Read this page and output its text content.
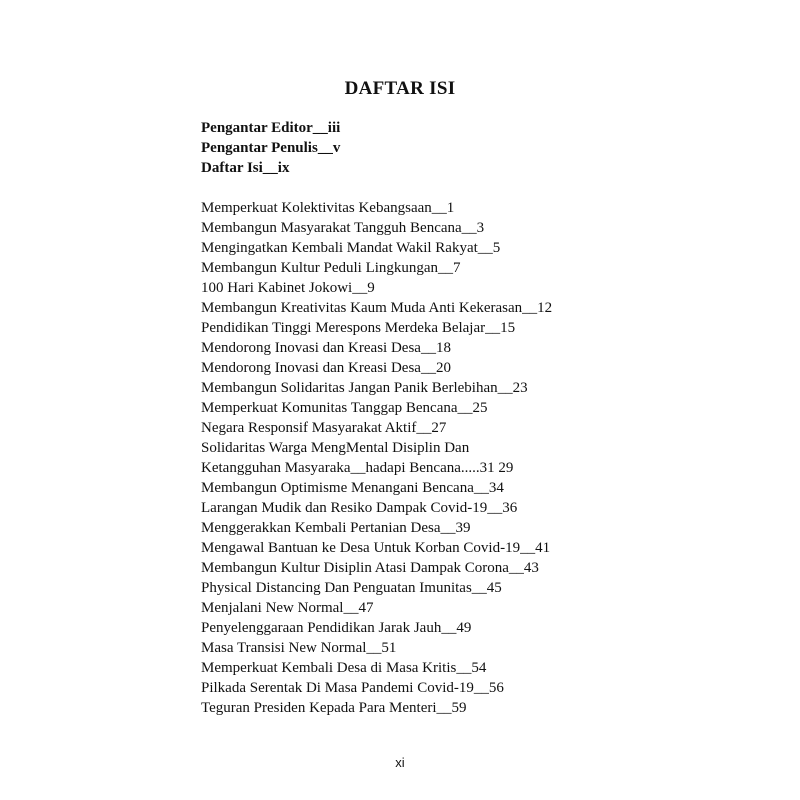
DAFTAR ISI
Pengantar Editor__iii
Pengantar Penulis__v
Daftar Isi__ix
Memperkuat Kolektivitas Kebangsaan__1
Membangun Masyarakat Tangguh Bencana__3
Mengingatkan Kembali Mandat Wakil Rakyat__5
Membangun Kultur Peduli Lingkungan__7
100 Hari Kabinet Jokowi__9
Membangun Kreativitas Kaum Muda Anti Kekerasan__12
Pendidikan Tinggi Merespons Merdeka Belajar__15
Mendorong Inovasi dan Kreasi Desa__18
Mendorong Inovasi dan Kreasi Desa__20
Membangun Solidaritas Jangan Panik Berlebihan__23
Memperkuat Komunitas Tanggap Bencana__25
Negara Responsif Masyarakat Aktif__27
Solidaritas Warga MengMental Disiplin Dan
Ketangguhan Masyaraka__hadapi Bencana.....31 29
Membangun Optimisme Menangani Bencana__34
Larangan Mudik dan Resiko Dampak Covid-19__36
Menggerakkan Kembali Pertanian Desa__39
Mengawal Bantuan ke Desa Untuk Korban Covid-19__41
Membangun Kultur Disiplin Atasi Dampak Corona__43
Physical Distancing Dan Penguatan Imunitas__45
Menjalani New Normal__47
Penyelenggaraan Pendidikan Jarak Jauh__49
Masa Transisi New Normal__51
Memperkuat Kembali Desa di Masa Kritis__54
Pilkada Serentak Di Masa Pandemi Covid-19__56
Teguran Presiden Kepada Para Menteri__59
xi
